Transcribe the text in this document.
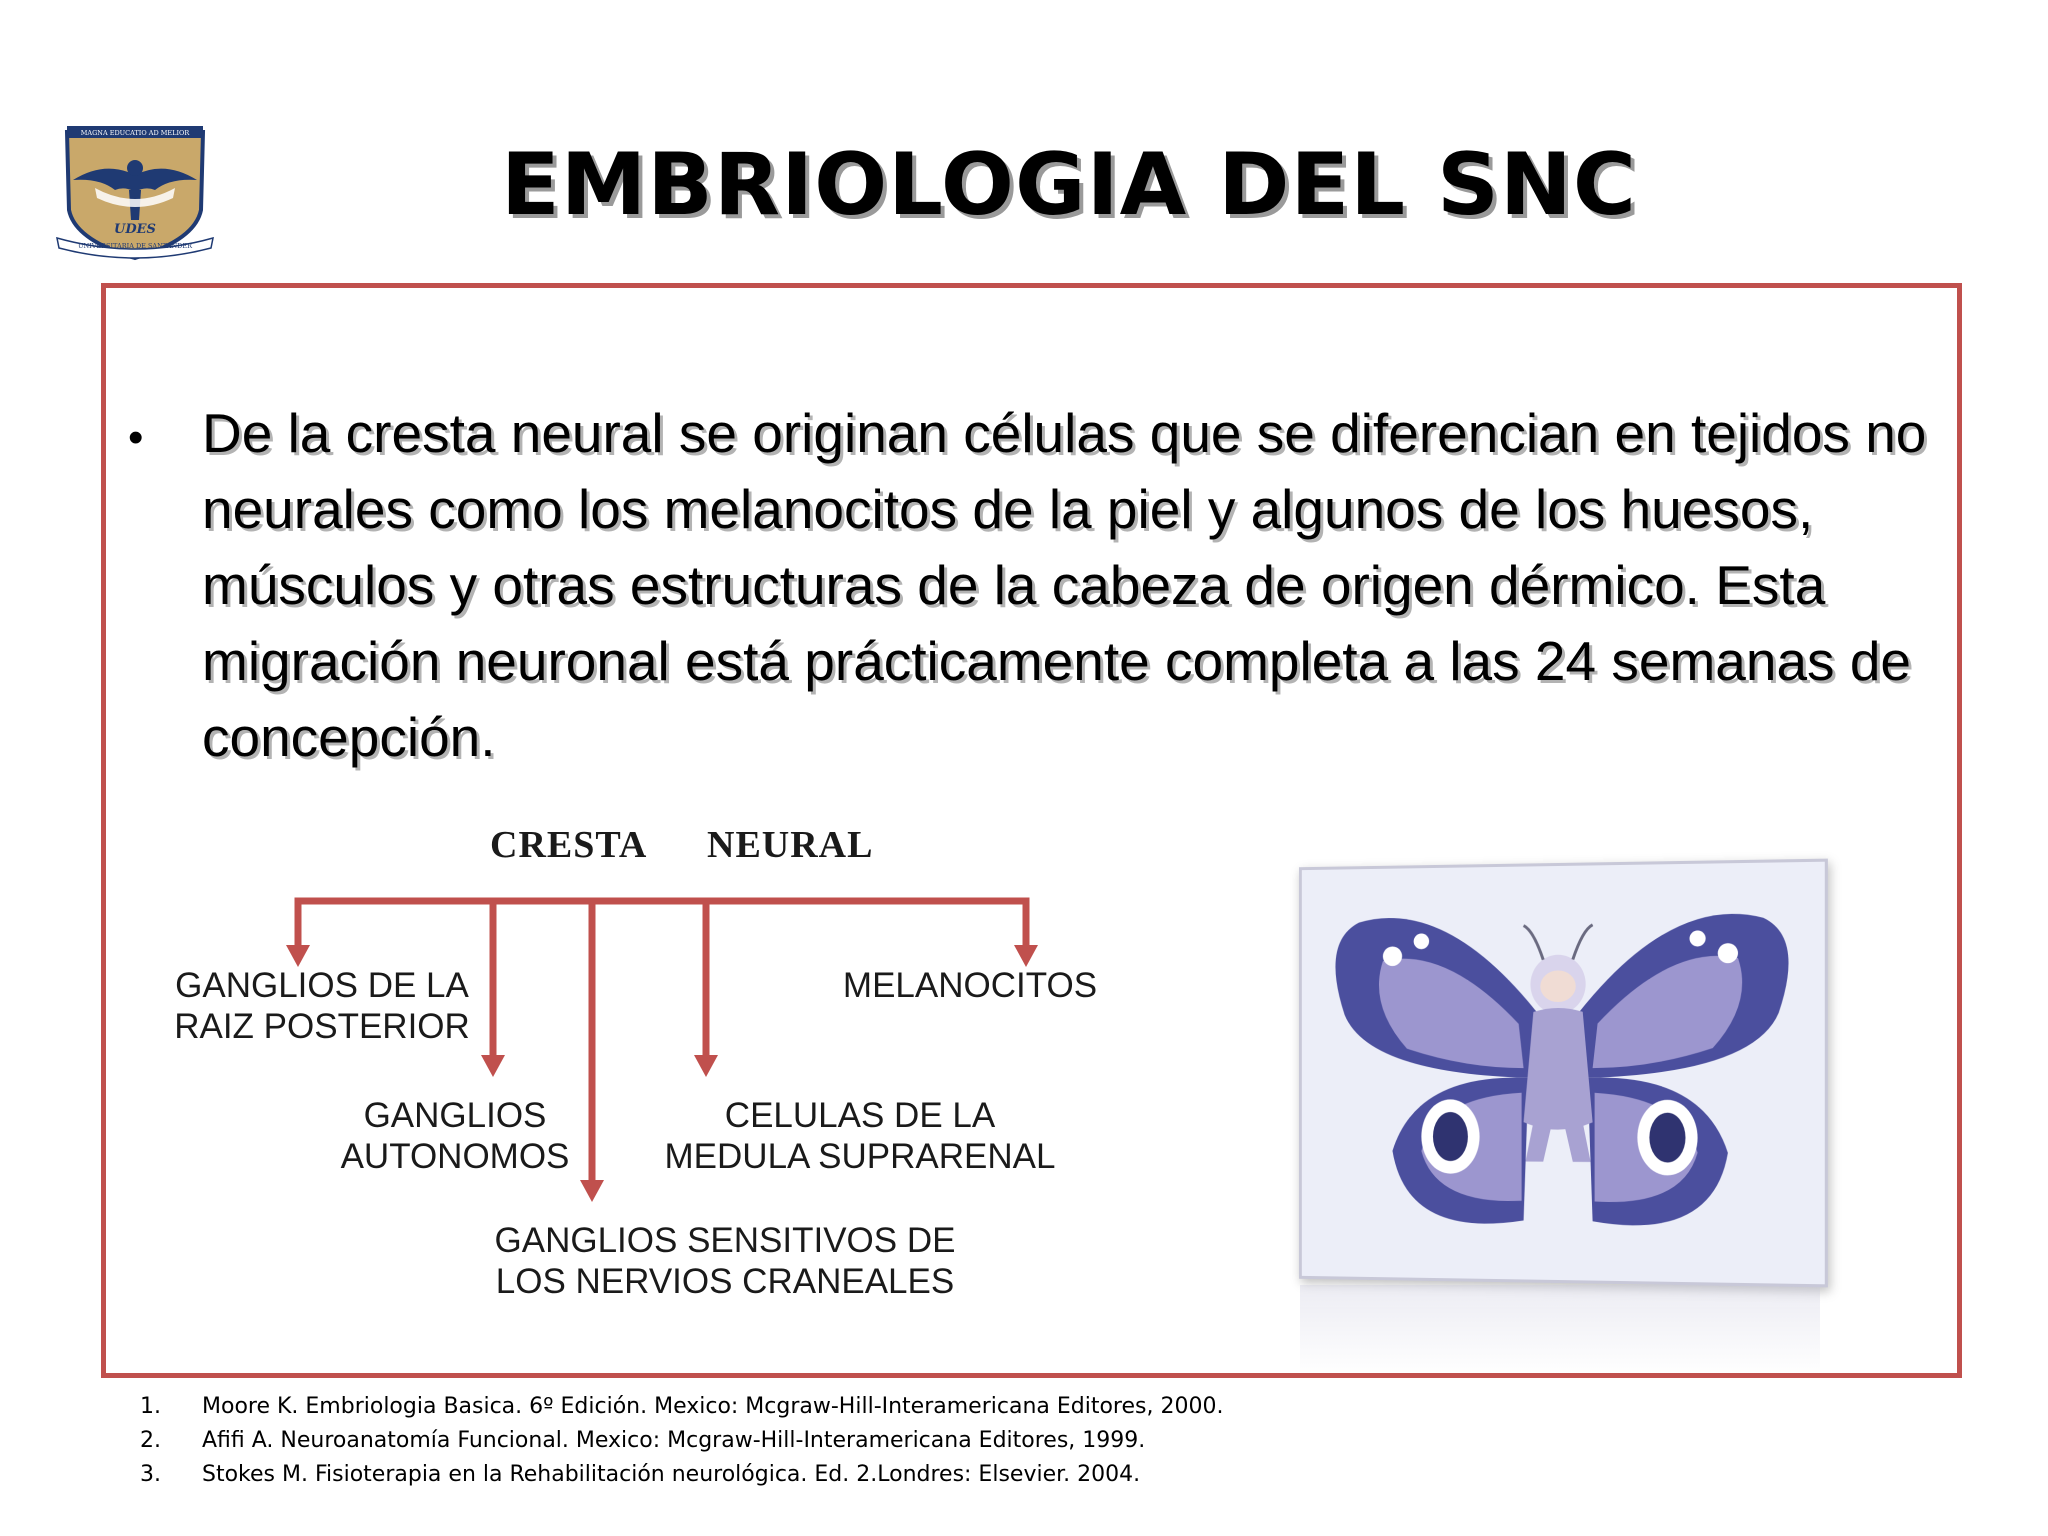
MAGNA EDUCATIO AD MELIOR
UDES
UNIVERSITARIA DE SANTANDER
EMBRIOLOGIA DEL SNC
•	De la cresta neural se originan células que se diferencian en tejidos no neurales como los melanocitos de la piel y algunos de los huesos, músculos y otras estructuras de la cabeza de origen dérmico. Esta migración neuronal está prácticamente completa a las 24 semanas de concepción.

CRESTA NEURAL
GANGLIOS DE LA
RAIZ POSTERIOR
MELANOCITOS
GANGLIOS
AUTONOMOS
CELULAS DE LA
MEDULA SUPRARENAL
GANGLIOS SENSITIVOS DE
LOS NERVIOS CRANEALES
1.	Moore K. Embriologia Basica. 6º Edición. Mexico: Mcgraw-Hill-Interamericana Editores, 2000.
2.	Afifi A. Neuroanatomía Funcional. Mexico: Mcgraw-Hill-Interamericana Editores, 1999.
3.	Stokes M. Fisioterapia en la Rehabilitación neurológica. Ed. 2.Londres: Elsevier. 2004.
